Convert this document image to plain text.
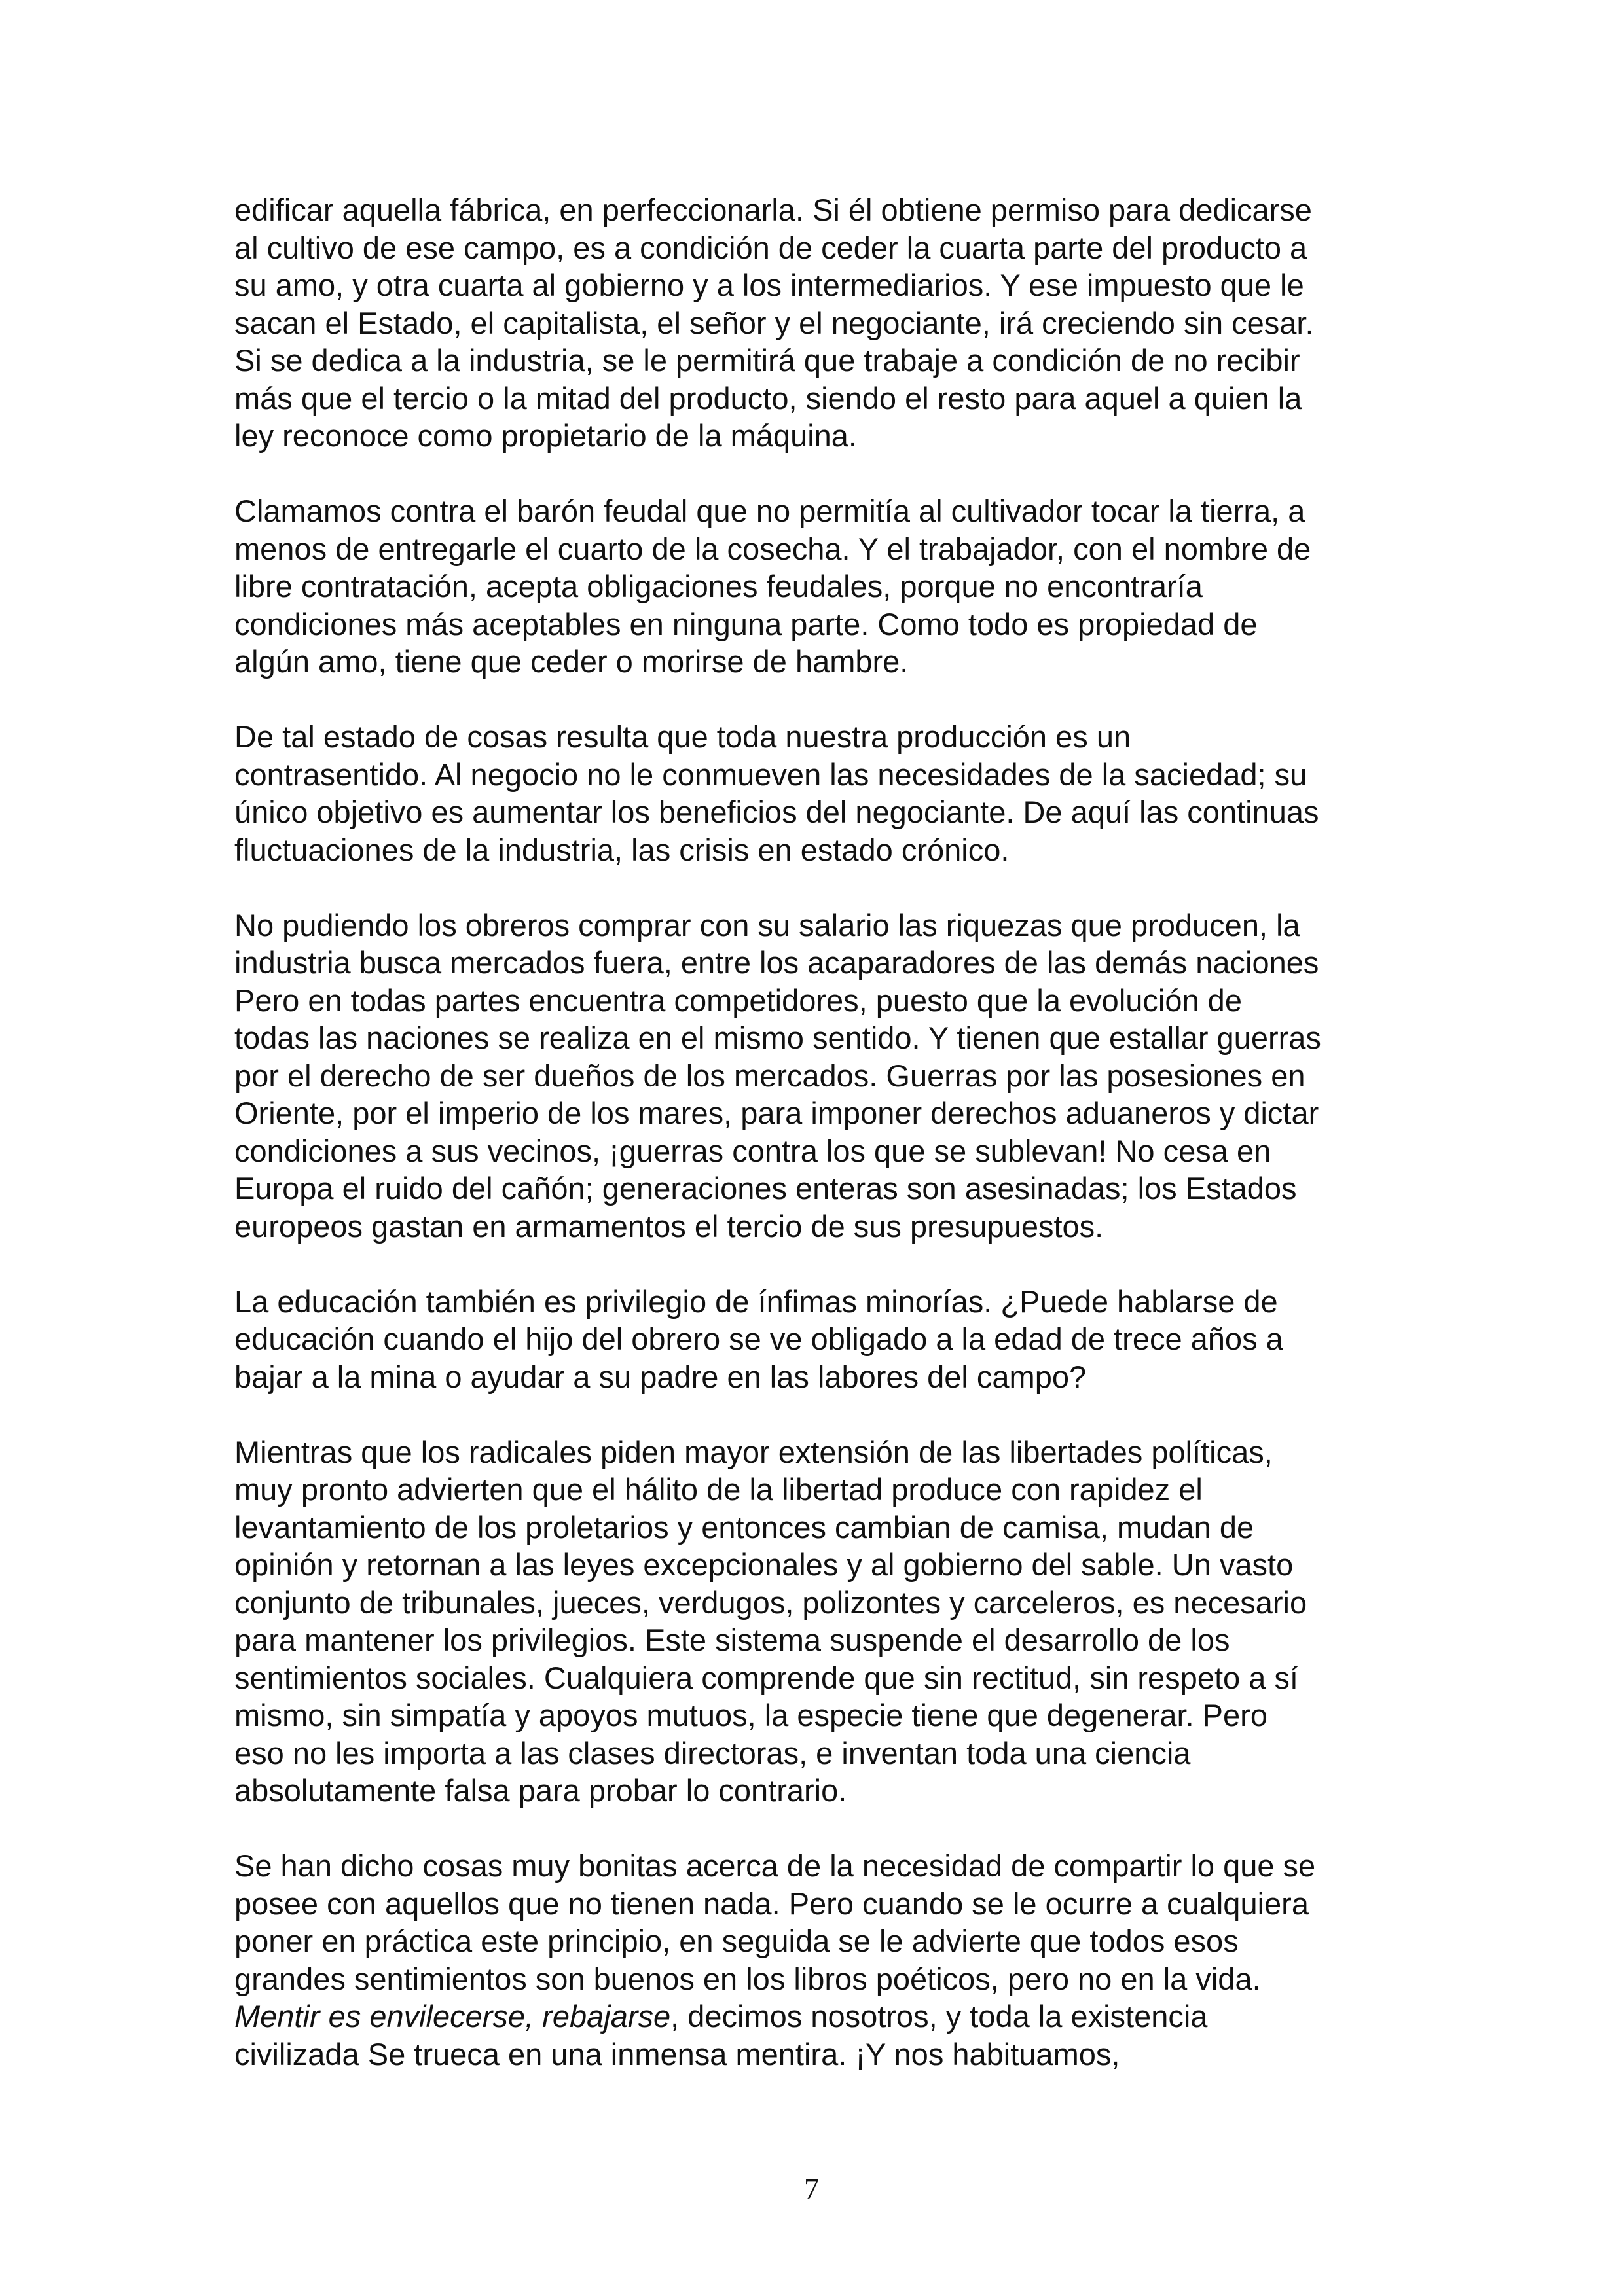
edificar aquella fábrica, en perfeccionarla. Si él obtiene permiso para dedicarse
al cultivo de ese campo, es a condición de ceder la cuarta parte del producto a
su amo, y otra cuarta al gobierno y a los intermediarios. Y ese impuesto que le
sacan el Estado, el capitalista, el señor y el negociante, irá creciendo sin cesar.
Si se dedica a la industria, se le permitirá que trabaje a condición de no recibir
más que el tercio o la mitad del producto, siendo el resto para aquel a quien la
ley reconoce como propietario de la máquina.

Clamamos contra el barón feudal que no permitía al cultivador tocar la tierra, a
menos de entregarle el cuarto de la cosecha. Y el trabajador, con el nombre de
libre contratación, acepta obligaciones feudales, porque no encontraría
condiciones más aceptables en ninguna parte. Como todo es propiedad de
algún amo, tiene que ceder o morirse de hambre.

De tal estado de cosas resulta que toda nuestra producción es un
contrasentido. Al negocio no le conmueven las necesidades de la saciedad; su
único objetivo es aumentar los beneficios del negociante. De aquí las continuas
fluctuaciones de la industria, las crisis en estado crónico.

No pudiendo los obreros comprar con su salario las riquezas que producen, la
industria busca mercados fuera, entre los acaparadores de las demás naciones
Pero en todas partes encuentra competidores, puesto que la evolución de
todas las naciones se realiza en el mismo sentido. Y tienen que estallar guerras
por el derecho de ser dueños de los mercados. Guerras por las posesiones en
Oriente, por el imperio de los mares, para imponer derechos aduaneros y dictar
condiciones a sus vecinos, ¡guerras contra los que se sublevan! No cesa en
Europa el ruido del cañón; generaciones enteras son asesinadas; los Estados
europeos gastan en armamentos el tercio de sus presupuestos.

La educación también es privilegio de ínfimas minorías. ¿Puede hablarse de
educación cuando el hijo del obrero se ve obligado a la edad de trece años a
bajar a la mina o ayudar a su padre en las labores del campo?

Mientras que los radicales piden mayor extensión de las libertades políticas,
muy pronto advierten que el hálito de la libertad produce con rapidez el
levantamiento de los proletarios y entonces cambian de camisa, mudan de
opinión y retornan a las leyes excepcionales y al gobierno del sable. Un vasto
conjunto de tribunales, jueces, verdugos, polizontes y carceleros, es necesario
para mantener los privilegios. Este sistema suspende el desarrollo de los
sentimientos sociales. Cualquiera comprende que sin rectitud, sin respeto a sí
mismo, sin simpatía y apoyos mutuos, la especie tiene que degenerar. Pero
eso no les importa a las clases directoras, e inventan toda una ciencia
absolutamente falsa para probar lo contrario.

Se han dicho cosas muy bonitas acerca de la necesidad de compartir lo que se
posee con aquellos que no tienen nada. Pero cuando se le ocurre a cualquiera
poner en práctica este principio, en seguida se le advierte que todos esos
grandes sentimientos son buenos en los libros poéticos, pero no en la vida.
Mentir es envilecerse, rebajarse, decimos nosotros, y toda la existencia
civilizada Se trueca en una inmensa mentira. ¡Y nos habituamos,

7
